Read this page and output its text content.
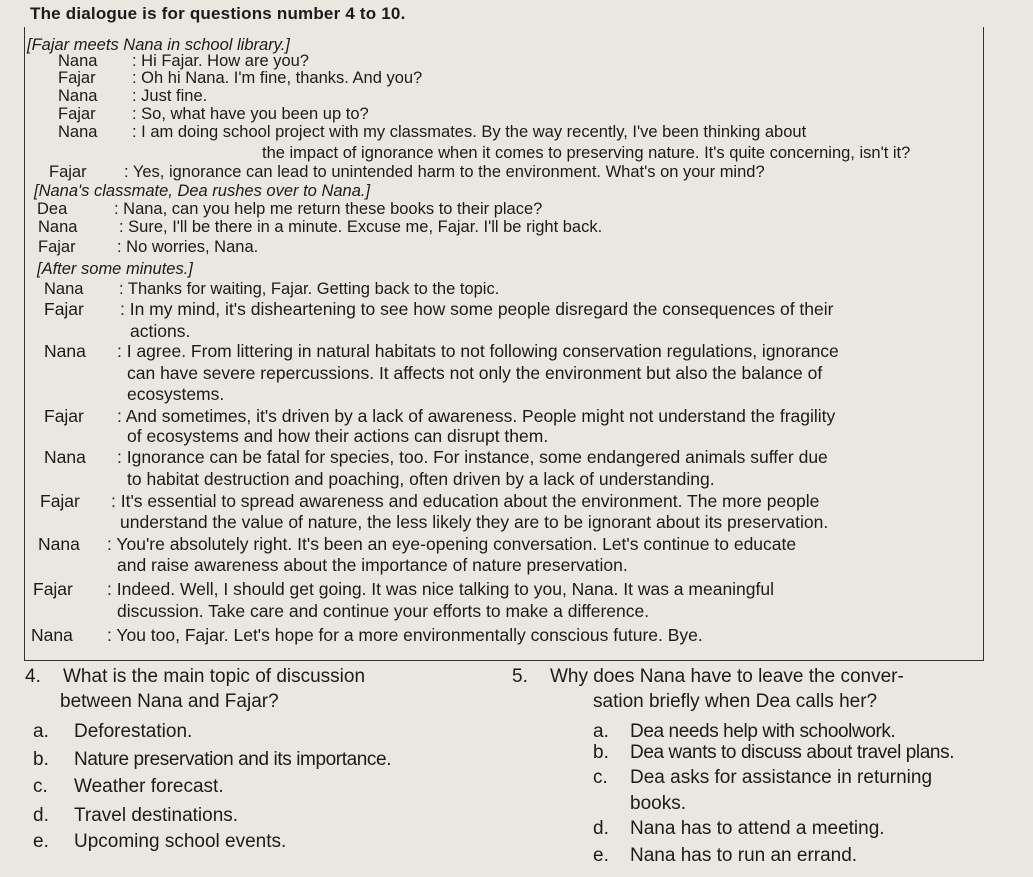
The dialogue is for questions number 4 to 10.
[Fajar meets Nana in school library.]
Nana : Hi Fajar. How are you?
Fajar : Oh hi Nana. I'm fine, thanks. And you?
Nana : Just fine.
Fajar : So, what have you been up to?
Nana : I am doing school project with my classmates. By the way recently, I've been thinking about
the impact of ignorance when it comes to preserving nature. It's quite concerning, isn't it?
Fajar : Yes, ignorance can lead to unintended harm to the environment. What's on your mind?
[Nana's classmate, Dea rushes over to Nana.]
Dea	: Nana, can you help me return these books to their place?
Nana	: Sure, I'll be there in a minute. Excuse me, Fajar. I'll be right back.
Fajar	: No worries, Nana.
[After some minutes.]
Nana : Thanks for waiting, Fajar. Getting back to the topic.
Fajar : In my mind, it's disheartening to see how some people disregard the consequences of their
actions.
Nana : I agree. From littering in natural habitats to not following conservation regulations, ignorance
can have severe repercussions. It affects not only the environment but also the balance of
ecosystems.
Fajar : And sometimes, it's driven by a lack of awareness. People might not understand the fragility
of ecosystems and how their actions can disrupt them.
Nana : Ignorance can be fatal for species, too. For instance, some endangered animals suffer due
to habitat destruction and poaching, often driven by a lack of understanding.
Fajar : It's essential to spread awareness and education about the environment. The more people
understand the value of nature, the less likely they are to be ignorant about its preservation.
Nana : You're absolutely right. It's been an eye-opening conversation. Let's continue to educate
and raise awareness about the importance of nature preservation.
Fajar : Indeed. Well, I should get going. It was nice talking to you, Nana. It was a meaningful
discussion. Take care and continue your efforts to make a difference.
Nana : You too, Fajar. Let's hope for a more environmentally conscious future. Bye.
4. What is the main topic of discussion
between Nana and Fajar?
a. Deforestation.
b. Nature preservation and its importance.
c. Weather forecast.
d. Travel destinations.
e. Upcoming school events.
5. Why does Nana have to leave the conver-
sation briefly when Dea calls her?
a. Dea needs help with schoolwork.
b. Dea wants to discuss about travel plans.
c. Dea asks for assistance in returning
books.
d. Nana has to attend a meeting.
e. Nana has to run an errand.
